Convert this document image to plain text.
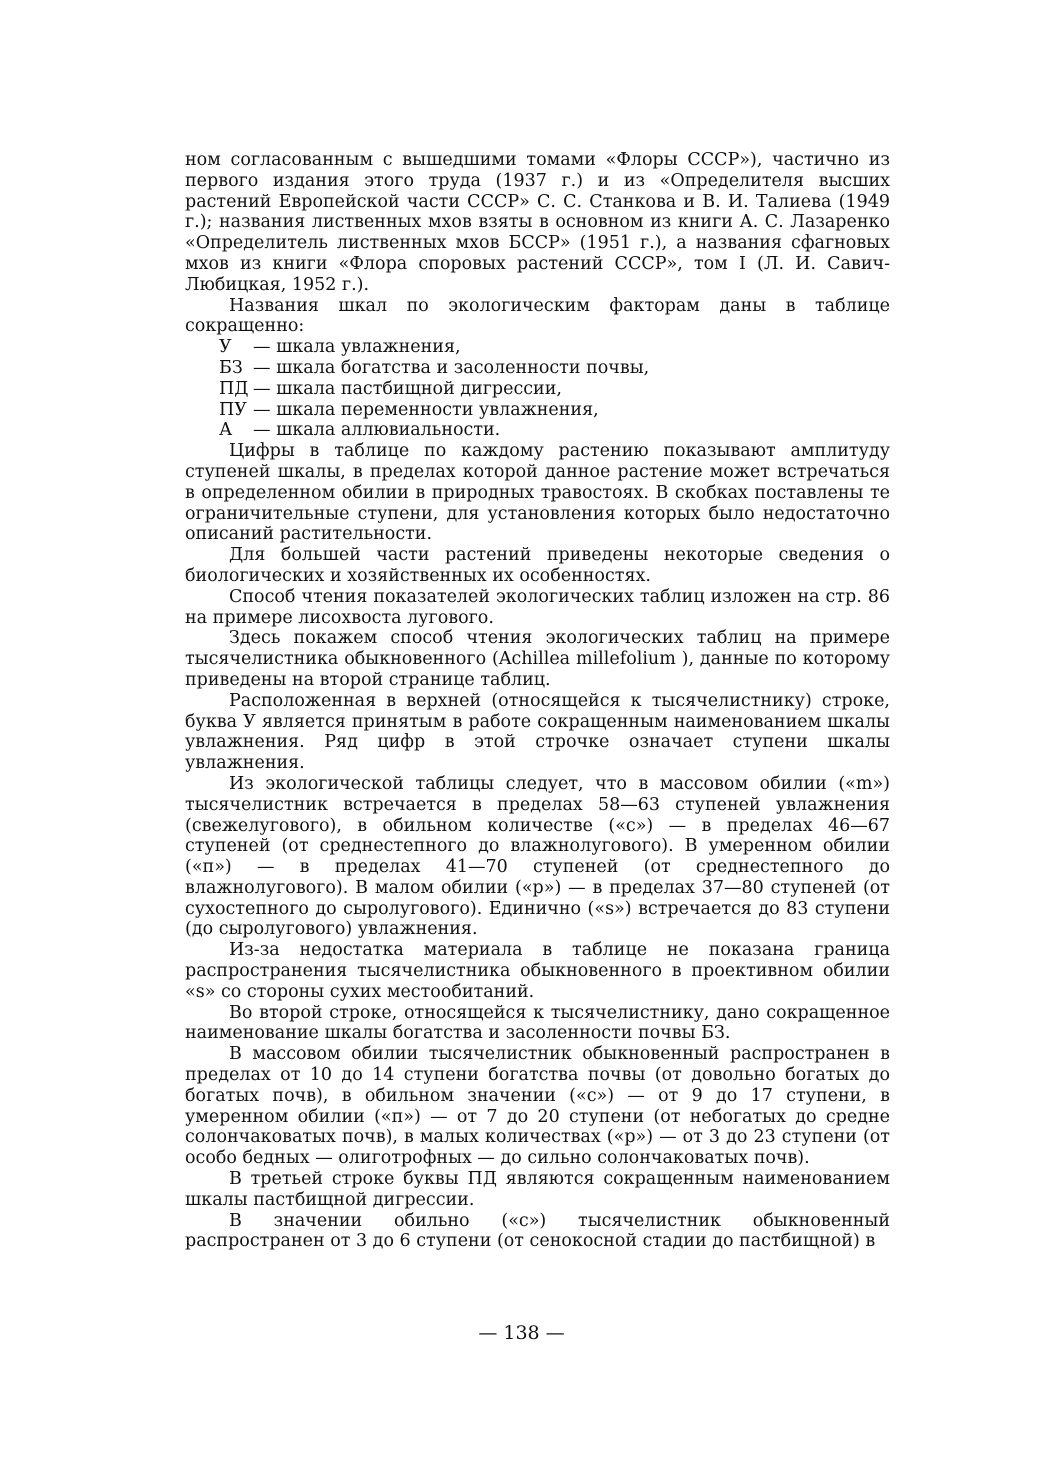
ном согласованным с вышедшими томами «Флоры СССР»), частично из первого издания этого труда (1937 г.) и из «Определителя высших растений Европейской части СССР» С. С. Станкова и В. И. Талиева (1949 г.); названия лиственных мхов взяты в основном из книги А. С. Лазаренко «Определитель лиственных мхов БССР» (1951 г.), а названия сфагновых мхов из книги «Флора споровых растений СССР», том I (Л. И. Савич-Любицкая, 1952 г.).

Названия шкал по экологическим факторам даны в таблице сокращенно:

У	— шкала увлажнения,
БЗ — шкала богатства и засоленности почвы,
ПД — шкала пастбищной дигрессии,
ПУ — шкала переменности увлажнения,
А	— шкала аллювиальности.

Цифры в таблице по каждому растению показывают амплитуду ступеней шкалы, в пределах которой данное растение может встречаться в определенном обилии в природных травостоях. В скобках поставлены те ограничительные ступени, для установления которых было недостаточно описаний растительности.

Для большей части растений приведены некоторые сведения о биологических и хозяйственных их особенностях.

Способ чтения показателей экологических таблиц изложен на стр. 86 на примере лисохвоста лугового.

Здесь покажем способ чтения экологических таблиц на примере тысячелистника обыкновенного (Achillea millefolium ), данные по которому приведены на второй странице таблиц.

Расположенная в верхней (относящейся к тысячелистнику) строке, буква У является принятым в работе сокращенным наименованием шкалы увлажнения. Ряд цифр в этой строчке означает ступени шкалы увлажнения.

Из экологической таблицы следует, что в массовом обилии («m») тысячелистник встречается в пределах 58—63 ступеней увлажнения (свежелугового), в обильном количестве («с») — в пределах 46—67 ступеней (от среднестепного до влажнолугового). В умеренном обилии («п») — в пределах 41—70 ступеней (от среднестепного до влажнолугового). В малом обилии («р») — в пределах 37—80 ступеней (от сухостепного до сыролугового). Единично («s») встречается до 83 ступени (до сыролугового) увлажнения.

Из-за недостатка материала в таблице не показана граница распространения тысячелистника обыкновенного в проективном обилии «s» со стороны сухих местообитаний.

Во второй строке, относящейся к тысячелистнику, дано сокращенное наименование шкалы богатства и засоленности почвы БЗ.

В массовом обилии тысячелистник обыкновенный распространен в пределах от 10 до 14 ступени богатства почвы (от довольно богатых до богатых почв), в обильном значении («с») — от 9 до 17 ступени, в умеренном обилии («п») — от 7 до 20 ступени (от небогатых до средне солончаковатых почв), в малых количествах («р») — от 3 до 23 ступени (от особо бедных — олиготрофных — до сильно солончаковатых почв).

В третьей строке буквы ПД являются сокращенным наименованием шкалы пастбищной дигрессии.

В значении обильно («с») тысячелистник обыкновенный распространен от 3 до 6 ступени (от сенокосной стадии до пастбищной) в

— 138 —
